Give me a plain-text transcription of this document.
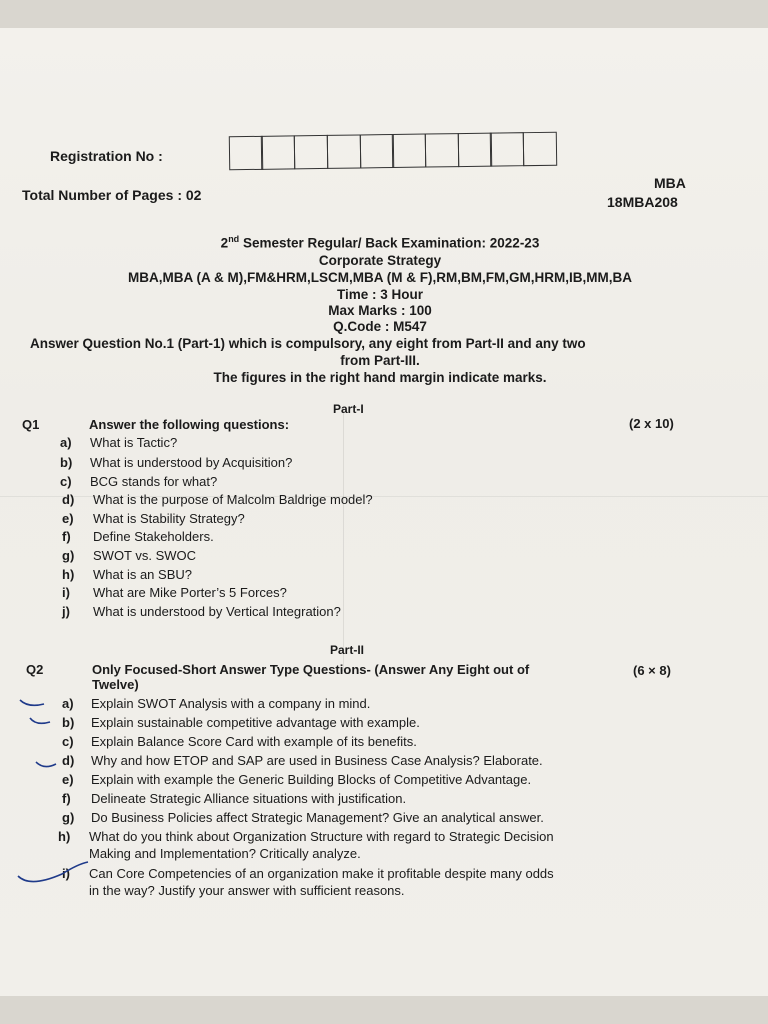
Registration No :
Total Number of Pages : 02
MBA
18MBA208
2nd Semester Regular/ Back Examination: 2022-23
Corporate Strategy
MBA,MBA (A & M),FM&HRM,LSCM,MBA (M & F),RM,BM,FM,GM,HRM,IB,MM,BA
Time : 3 Hour
Max Marks : 100
Q.Code : M547
Answer Question No.1 (Part-1) which is compulsory, any eight from Part-II and any two
from Part-III.
The figures in the right hand margin indicate marks.
Part-I
Q1	Answer the following questions:	(2 x 10)
a) What is Tactic?
b) What is understood by Acquisition?
c) BCG stands for what?
d) What is the purpose of Malcolm Baldrige model?
e) What is Stability Strategy?
f) Define Stakeholders.
g) SWOT vs. SWOC
h) What is an SBU?
i) What are Mike Porter’s 5 Forces?
j) What is understood by Vertical Integration?
Part-II
Q2	Only Focused-Short Answer Type Questions- (Answer Any Eight out of
Twelve)
(6 × 8)
a) Explain SWOT Analysis with a company in mind.
b) Explain sustainable competitive advantage with example.
c) Explain Balance Score Card with example of its benefits.
d) Why and how ETOP and SAP are used in Business Case Analysis? Elaborate.
e) Explain with example the Generic Building Blocks of Competitive Advantage.
f) Delineate Strategic Alliance situations with justification.
g) Do Business Policies affect Strategic Management? Give an analytical answer.
h) What do you think about Organization Structure with regard to Strategic Decision
Making and Implementation? Critically analyze.
i) Can Core Competencies of an organization make it profitable despite many odds
in the way? Justify your answer with sufficient reasons.
